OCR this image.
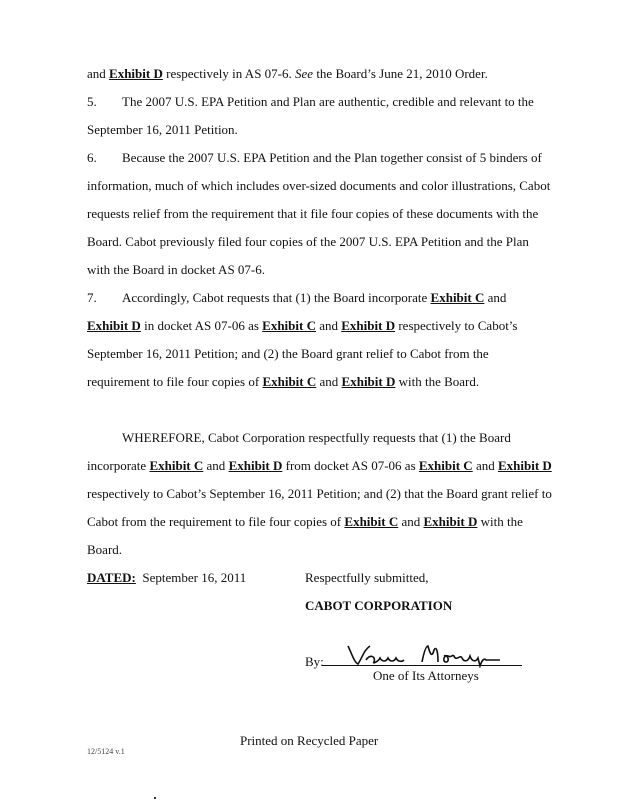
and Exhibit D respectively in AS 07-6. See the Board’s June 21, 2010 Order.
5. The 2007 U.S. EPA Petition and Plan are authentic, credible and relevant to the
September 16, 2011 Petition.
6. Because the 2007 U.S. EPA Petition and the Plan together consist of 5 binders of
information, much of which includes over-sized documents and color illustrations, Cabot
requests relief from the requirement that it file four copies of these documents with the
Board. Cabot previously filed four copies of the 2007 U.S. EPA Petition and the Plan
with the Board in docket AS 07-6.
7. Accordingly, Cabot requests that (1) the Board incorporate Exhibit C and
Exhibit D in docket AS 07-06 as Exhibit C and Exhibit D respectively to Cabot’s
September 16, 2011 Petition; and (2) the Board grant relief to Cabot from the
requirement to file four copies of Exhibit C and Exhibit D with the Board.
WHEREFORE, Cabot Corporation respectfully requests that (1) the Board
incorporate Exhibit C and Exhibit D from docket AS 07-06 as Exhibit C and Exhibit D
respectively to Cabot’s September 16, 2011 Petition; and (2) that the Board grant relief to
Cabot from the requirement to file four copies of Exhibit C and Exhibit D with the
Board.
DATED: September 16, 2011	Respectfully submitted,
CABOT CORPORATION
By:
One of Its Attorneys
Printed on Recycled Paper
12/5124 v.1
